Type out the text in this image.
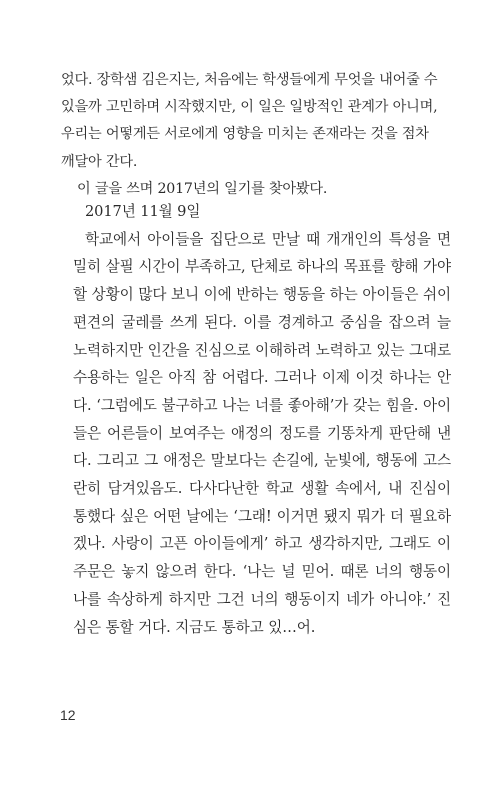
었다. 장학샘 김은지는, 처음에는 학생들에게 무엇을 내어줄 수 있을까 고민하며 시작했지만, 이 일은 일방적인 관계가 아니며, 우리는 어떻게든 서로에게 영향을 미치는 존재라는 것을 점차 깨달아 간다.

이 글을 쓰며 2017년의 일기를 찾아봤다.

2017년 11월 9일

학교에서 아이들을 집단으로 만날 때 개개인의 특성을 면밀히 살필 시간이 부족하고, 단체로 하나의 목표를 향해 가야 할 상황이 많다 보니 이에 반하는 행동을 하는 아이들은 쉬이 편견의 굴레를 쓰게 된다. 이를 경계하고 중심을 잡으려 늘 노력하지만 인간을 진심으로 이해하려 노력하고 있는 그대로 수용하는 일은 아직 참 어렵다. 그러나 이제 이것 하나는 안다. ‘그럼에도 불구하고 나는 너를 좋아해’가 갖는 힘을. 아이들은 어른들이 보여주는 애정의 정도를 기똥차게 판단해 낸다. 그리고 그 애정은 말보다는 손길에, 눈빛에, 행동에 고스란히 담겨있음도. 다사다난한 학교 생활 속에서, 내 진심이 통했다 싶은 어떤 날에는 ‘그래! 이거면 됐지 뭐가 더 필요하겠나. 사랑이 고픈 아이들에게’ 하고 생각하지만, 그래도 이 주문은 놓지 않으려 한다. ‘나는 널 믿어. 때론 너의 행동이 나를 속상하게 하지만 그건 너의 행동이지 네가 아니야.’ 진심은 통할 거다. 지금도 통하고 있…어.

12
